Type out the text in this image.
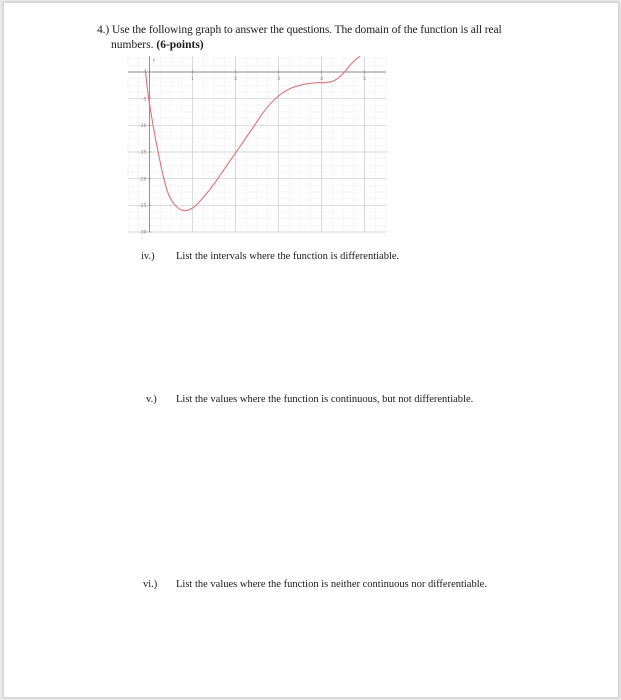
4.) Use the following graph to answer the questions. The domain of the function is all real
numbers. (6-points)
1	2	3	4	5
-5
-10
-15
-20
-25
-30
y
iv.) List the intervals where the function is differentiable.
v.) List the values where the function is continuous, but not differentiable.
vi.) List the values where the function is neither continuous nor differentiable.
